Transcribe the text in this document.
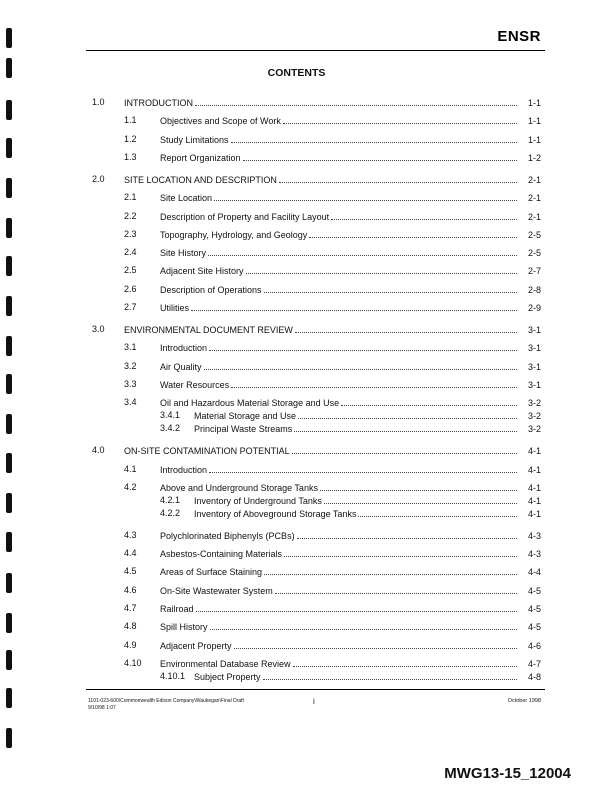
ENSR
CONTENTS
1.0	INTRODUCTION	1-1
1.1	Objectives and Scope of Work	1-1
1.2	Study Limitations	1-1
1.3	Report Organization	1-2
2.0	SITE LOCATION AND DESCRIPTION	2-1
2.1	Site Location	2-1
2.2	Description of Property and Facility Layout	2-1
2.3	Topography, Hydrology, and Geology	2-5
2.4	Site History	2-5
2.5	Adjacent Site History	2-7
2.6	Description of Operations	2-8
2.7	Utilities	2-9
3.0	ENVIRONMENTAL DOCUMENT REVIEW	3-1
3.1	Introduction	3-1
3.2	Air Quality	3-1
3.3	Water Resources	3-1
3.4	Oil and Hazardous Material Storage and Use	3-2
3.4.1	Material Storage and Use	3-2
3.4.2	Principal Waste Streams	3-2
4.0	ON-SITE CONTAMINATION POTENTIAL	4-1
4.1	Introduction	4-1
4.2	Above and Underground Storage Tanks	4-1
4.2.1	Inventory of Underground Tanks	4-1
4.2.2	Inventory of Aboveground Storage Tanks	4-1
4.3	Polychlorinated Biphenyls (PCBs)	4-3
4.4	Asbestos-Containing Materials	4-3
4.5	Areas of Surface Staining	4-4
4.6	On-Site Wastewater System	4-5
4.7	Railroad	4-5
4.8	Spill History	4-5
4.9	Adjacent Property	4-6
4.10	Environmental Database Review	4-7
4.10.1 Subject Property	4-8
1101-023-600\Commonwealth Edison Company\Waukegan\Final Draft
9/10/98 1:07
i	October 1998
MWG13-15_12004
